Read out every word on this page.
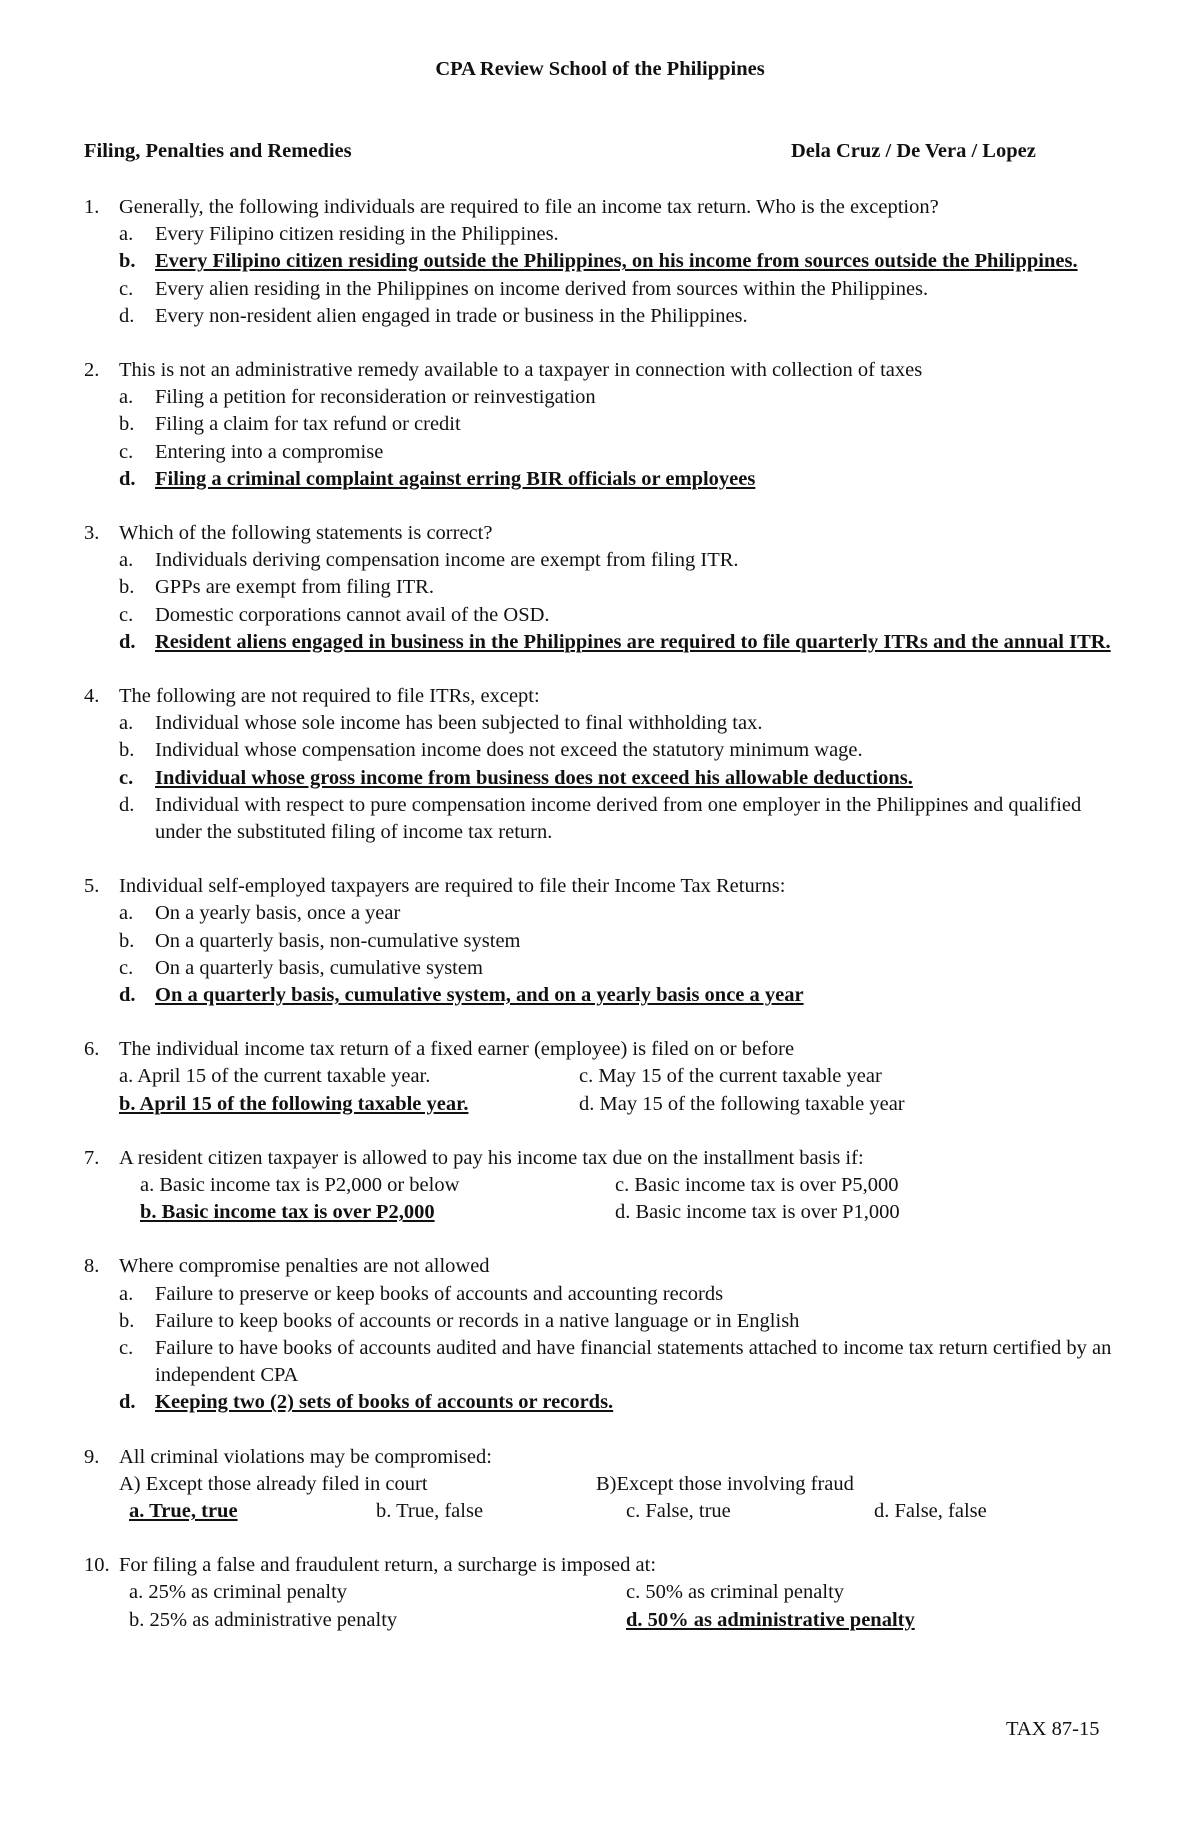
CPA Review School of the Philippines
Filing, Penalties and Remedies	Dela Cruz / De Vera / Lopez
1. Generally, the following individuals are required to file an income tax return. Who is the exception?
a. Every Filipino citizen residing in the Philippines.
b. Every Filipino citizen residing outside the Philippines, on his income from sources outside the Philippines.
c. Every alien residing in the Philippines on income derived from sources within the Philippines.
d. Every non-resident alien engaged in trade or business in the Philippines.
2. This is not an administrative remedy available to a taxpayer in connection with collection of taxes
a. Filing a petition for reconsideration or reinvestigation
b. Filing a claim for tax refund or credit
c. Entering into a compromise
d. Filing a criminal complaint against erring BIR officials or employees
3. Which of the following statements is correct?
a. Individuals deriving compensation income are exempt from filing ITR.
b. GPPs are exempt from filing ITR.
c. Domestic corporations cannot avail of the OSD.
d. Resident aliens engaged in business in the Philippines are required to file quarterly ITRs and the annual ITR.
4. The following are not required to file ITRs, except:
a. Individual whose sole income has been subjected to final withholding tax.
b. Individual whose compensation income does not exceed the statutory minimum wage.
c. Individual whose gross income from business does not exceed his allowable deductions.
d. Individual with respect to pure compensation income derived from one employer in the Philippines and qualified under the substituted filing of income tax return.
5. Individual self-employed taxpayers are required to file their Income Tax Returns:
a. On a yearly basis, once a year
b. On a quarterly basis, non-cumulative system
c. On a quarterly basis, cumulative system
d. On a quarterly basis, cumulative system, and on a yearly basis once a year
6. The individual income tax return of a fixed earner (employee) is filed on or before
a. April 15 of the current taxable year.	c. May 15 of the current taxable year
b. April 15 of the following taxable year.	d. May 15 of the following taxable year
7. A resident citizen taxpayer is allowed to pay his income tax due on the installment basis if:
a. Basic income tax is P2,000 or below	c. Basic income tax is over P5,000
b. Basic income tax is over P2,000	d. Basic income tax is over P1,000
8. Where compromise penalties are not allowed
a. Failure to preserve or keep books of accounts and accounting records
b. Failure to keep books of accounts or records in a native language or in English
c. Failure to have books of accounts audited and have financial statements attached to income tax return certified by an independent CPA
d. Keeping two (2) sets of books of accounts or records.
9. All criminal violations may be compromised:
A) Except those already filed in court	B)Except those involving fraud
a. True, true	b. True, false	c. False, true	d. False, false
10. For filing a false and fraudulent return, a surcharge is imposed at:
a. 25% as criminal penalty	c. 50% as criminal penalty
b. 25% as administrative penalty	d. 50% as administrative penalty
TAX 87-15
